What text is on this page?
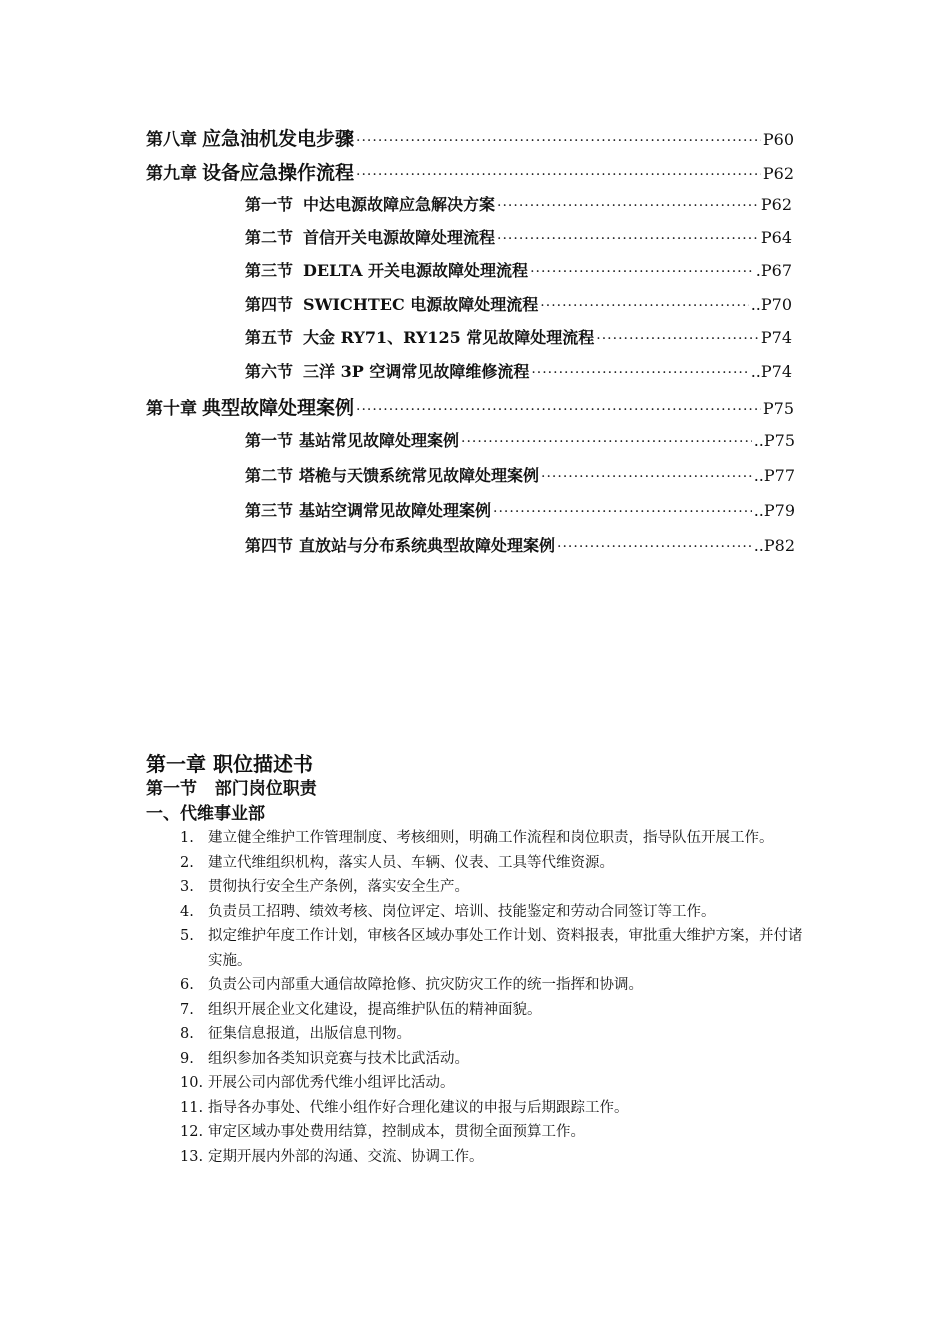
第八章 应急油机发电步骤 ·····	P60
第九章 设备应急操作流程 ·····	P62
第一节 中达电源故障应急解决方案 ·····	P62
第二节 首信开关电源故障处理流程 ·····	P64
第三节 DELTA 开关电源故障处理流程 ·····	.P67
第四节 SWICHTEC 电源故障处理流程 ·····	..P70
第五节 大金 RY71、RY125 常见故障处理流程 ·····	P74
第六节 三洋 3P 空调常见故障维修流程 ·····	..P74
第十章 典型故障处理案例 ·····	P75
第一节 基站常见故障处理案例 ·····	..P75
第二节 塔桅与天馈系统常见故障处理案例 ·····	..P77
第三节 基站空调常见故障处理案例 ·····	..P79
第四节 直放站与分布系统典型故障处理案例 ·····	..P82
第一章 职位描述书
第一节   部门岗位职责
一、代维事业部
1. 建立健全维护工作管理制度、考核细则，明确工作流程和岗位职责，指导队伍开展工作。
2. 建立代维组织机构，落实人员、车辆、仪表、工具等代维资源。
3. 贯彻执行安全生产条例，落实安全生产。
4. 负责员工招聘、绩效考核、岗位评定、培训、技能鉴定和劳动合同签订等工作。
5. 拟定维护年度工作计划，审核各区域办事处工作计划、资料报表，审批重大维护方案，并付诸实施。
6. 负责公司内部重大通信故障抢修、抗灾防灾工作的统一指挥和协调。
7. 组织开展企业文化建设，提高维护队伍的精神面貌。
8. 征集信息报道，出版信息刊物。
9. 组织参加各类知识竞赛与技术比武活动。
10. 开展公司内部优秀代维小组评比活动。
11. 指导各办事处、代维小组作好合理化建议的申报与后期跟踪工作。
12. 审定区域办事处费用结算，控制成本，贯彻全面预算工作。
13. 定期开展内外部的沟通、交流、协调工作。
